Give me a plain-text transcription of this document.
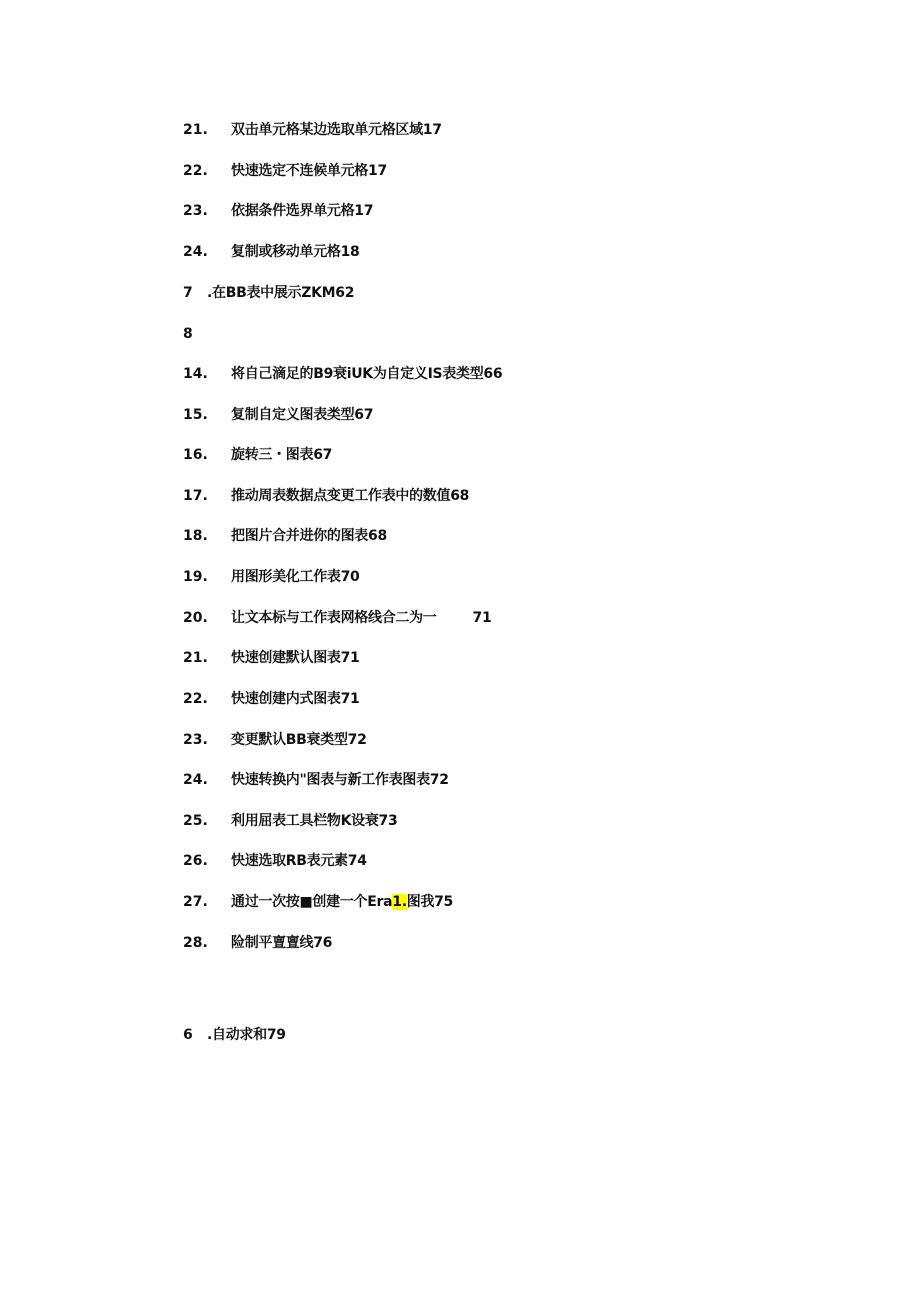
21. 双击单元格某边选取单元格区域17
22. 快速选定不连候单元格17
23. 依据条件选界单元格17
24. 复制或移动单元格18
7 .在BB表中展示ZKM62
8
14. 将自己滴足的B9衰iUK为自定义IS表类型66
15. 复制自定义图表类型67
16. 旋转三・图表67
17. 推动周表数据点变更工作表中的数值68
18. 把图片合并进你的图表68
19. 用图形美化工作表70
20. 让文本标与工作表网格线合二为一	71
21. 快速创建默认图表71
22. 快速创建内式图表71
23. 变更默认BB衰类型72
24. 快速转换内"图表与新工作表图表72
25. 利用屈表工具栏物K设衰73
26. 快速选取RB表元素74
27. 通过一次按■创建一个Era1.图我75
28. 险制平亶亶线76
6 .自动求和79
